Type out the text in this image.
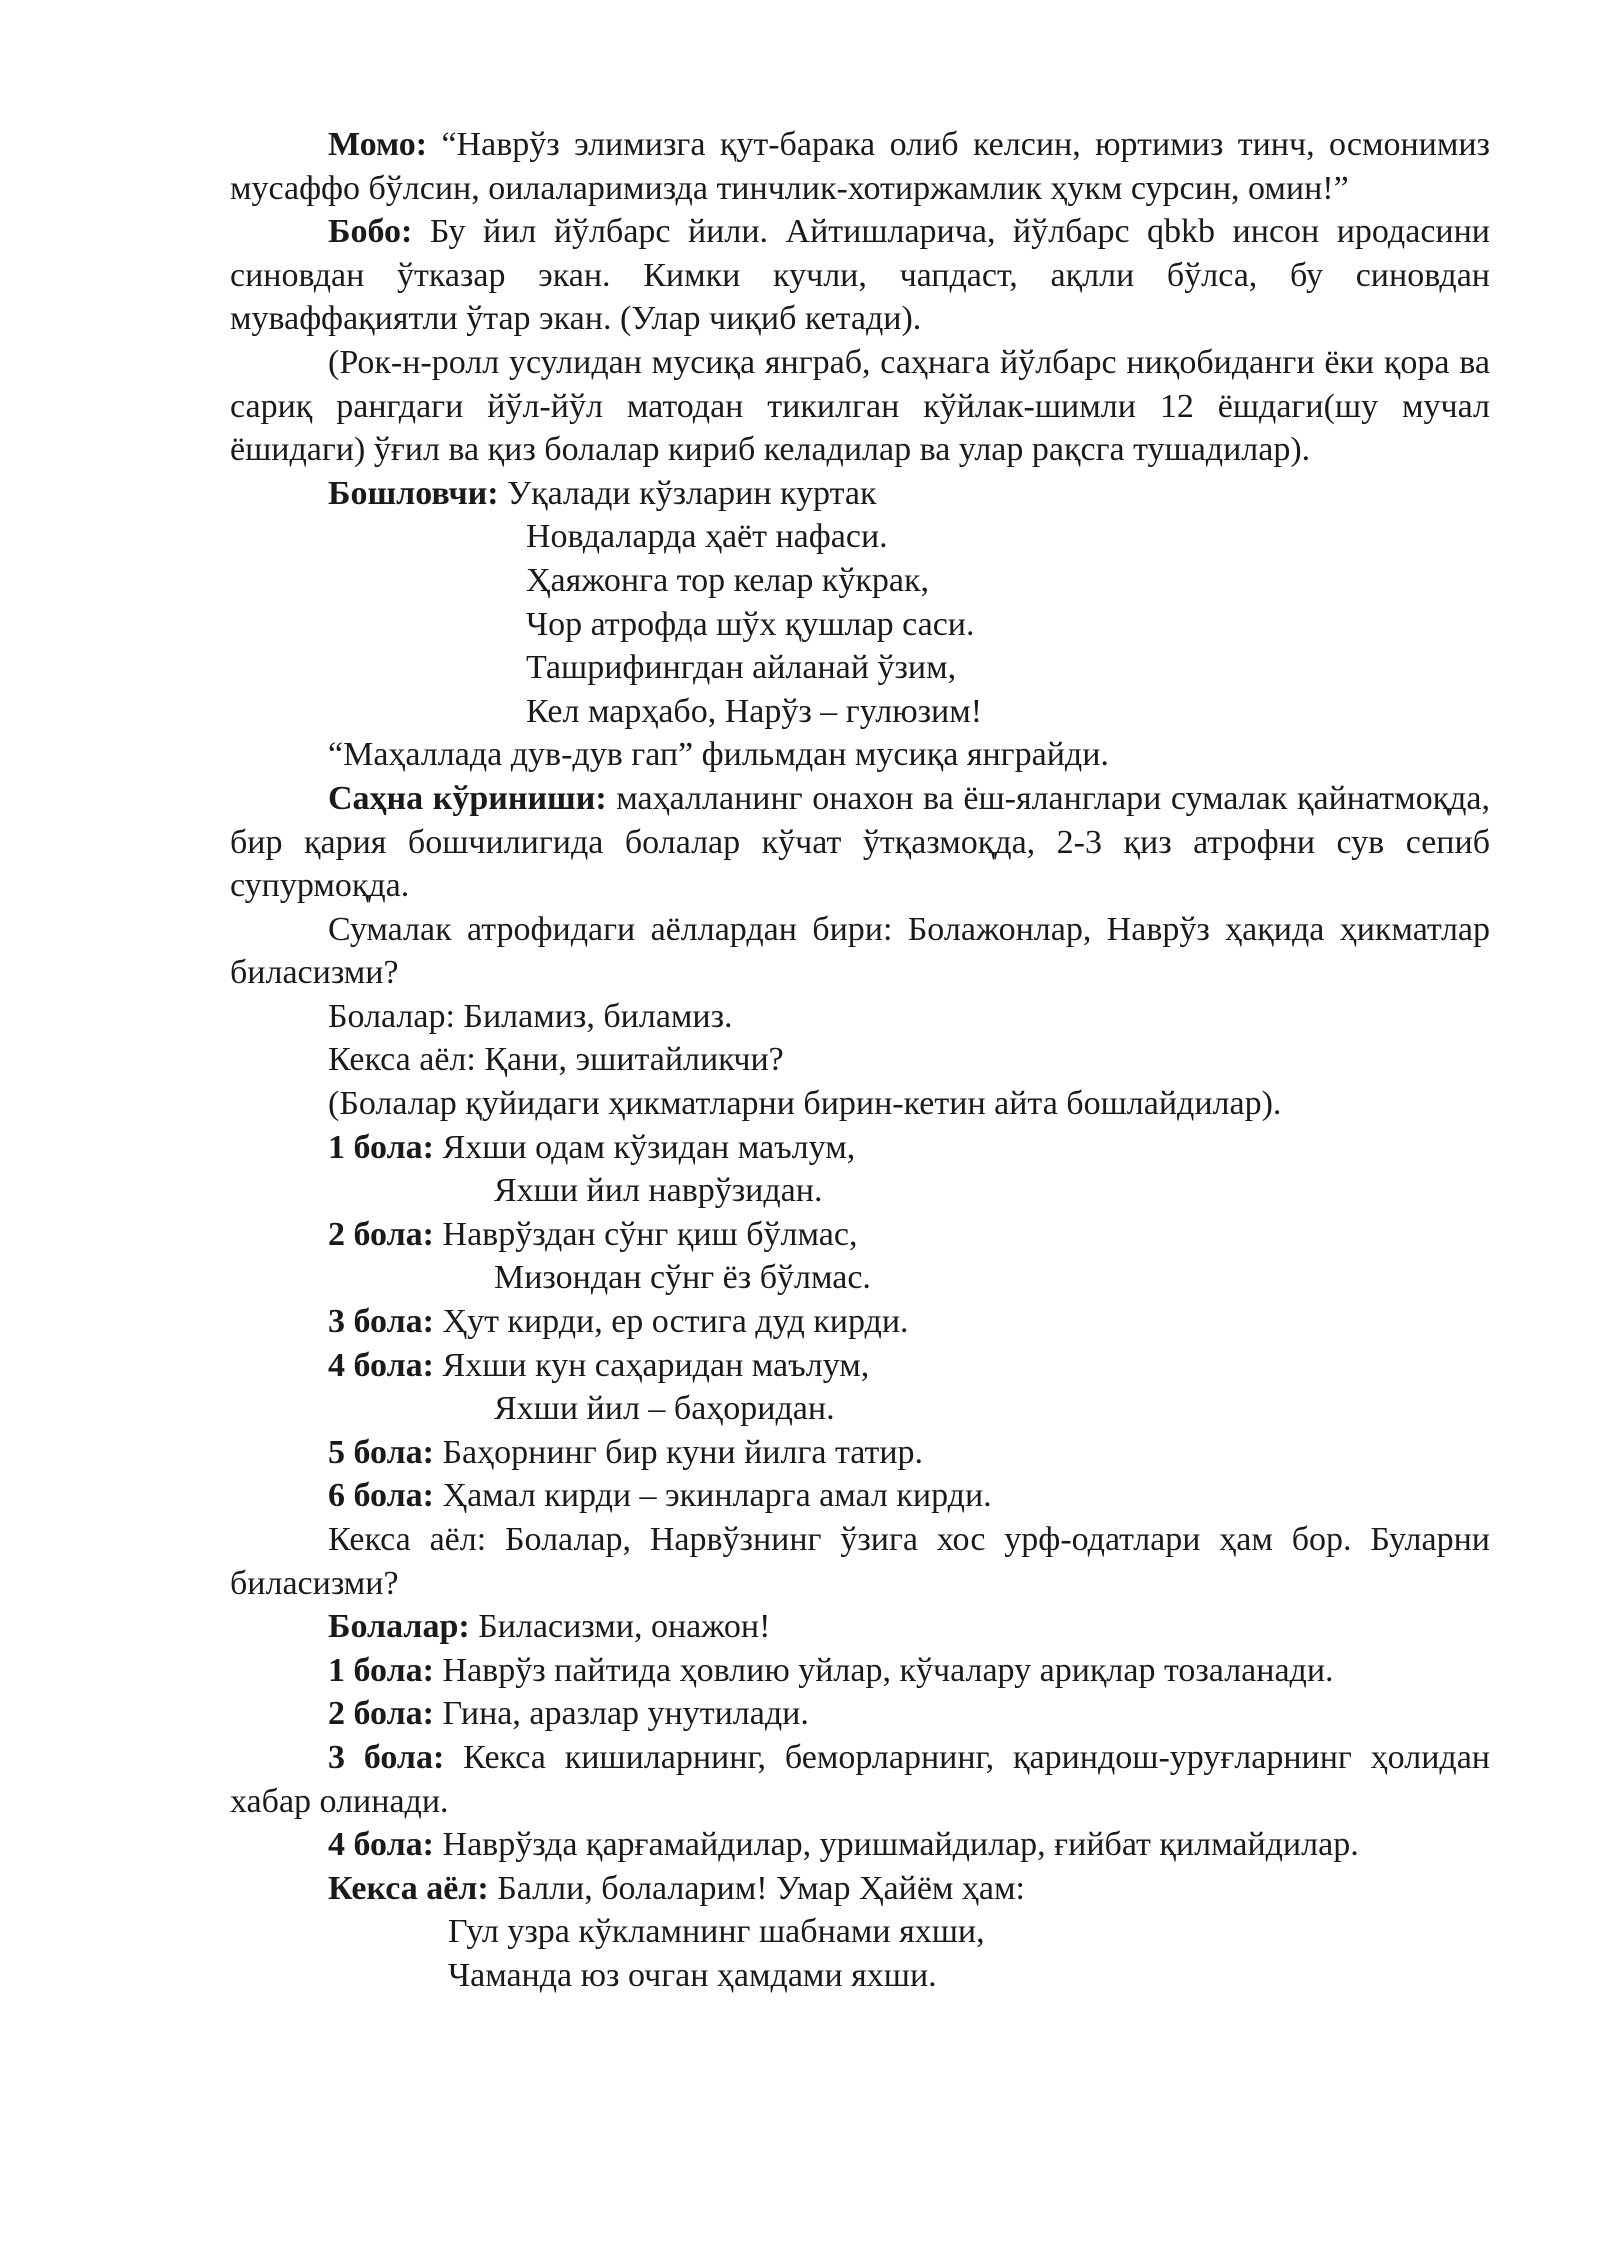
Момо: “Наврўз элимизга қут-барака олиб келсин, юртимиз тинч, осмонимиз мусаффо бўлсин, оилаларимизда тинчлик-хотиржамлик ҳукм сурсин, омин!”

Бобо: Бу йил йўлбарс йили. Айтишларича, йўлбарс qbkb инсон иродасини синовдан ўтказар экан. Кимки кучли, чапдаст, ақлли бўлса, бу синовдан муваффақиятли ўтар экан. (Улар чиқиб кетади).

(Рок-н-ролл усулидан мусиқа янграб, саҳнага йўлбарс ниқобиданги ёки қора ва сариқ рангдаги йўл-йўл матодан тикилган кўйлак-шимли 12 ёшдаги(шу мучал ёшидаги) ўғил ва қиз болалар кириб келадилар ва улар рақсга тушадилар).

Бошловчи: Уқалади кўзларин куртак

Новдаларда ҳаёт нафаси.

Ҳаяжонга тор келар кўкрак,

Чор атрофда шўх қушлар саси.

Ташрифингдан айланай ўзим,

Кел марҳабо, Нарўз – гулюзим!

“Маҳаллада дув-дув гап” фильмдан мусиқа янграйди.

Саҳна кўриниши: маҳалланинг онахон ва ёш-яланглари сумалак қайнатмоқда, бир қария бошчилигида болалар кўчат ўтқазмоқда, 2-3 қиз атрофни сув сепиб супурмоқда.

Сумалак атрофидаги аёллардан бири: Болажонлар, Наврўз ҳақида ҳикматлар биласизми?

Болалар: Биламиз, биламиз.

Кекса аёл: Қани, эшитайликчи?

(Болалар қуйидаги ҳикматларни бирин-кетин айта бошлайдилар).

1 бола: Яхши одам кўзидан маълум,

Яхши йил наврўзидан.

2 бола: Наврўздан сўнг қиш бўлмас,

Мизондан сўнг ёз бўлмас.

3 бола: Ҳут кирди, ер остига дуд кирди.

4 бола: Яхши кун саҳаридан маълум,

Яхши йил – баҳоридан.

5 бола: Баҳорнинг бир куни йилга татир.

6 бола: Ҳамал кирди – экинларга амал кирди.

Кекса аёл: Болалар, Нарвўзнинг ўзига хос урф-одатлари ҳам бор. Буларни биласизми?

Болалар: Биласизми, онажон!

1 бола: Наврўз пайтида ҳовлию уйлар, кўчалару ариқлар тозаланади.

2 бола: Гина, аразлар унутилади.

3 бола: Кекса кишиларнинг, беморларнинг, қариндош-уруғларнинг ҳолидан хабар олинади.

4 бола: Наврўзда қарғамайдилар, уришмайдилар, ғийбат қилмайдилар.

Кекса аёл: Балли, болаларим! Умар Ҳайём ҳам:

Гул узра кўкламнинг шабнами яхши,

Чаманда юз очган ҳамдами яхши.
